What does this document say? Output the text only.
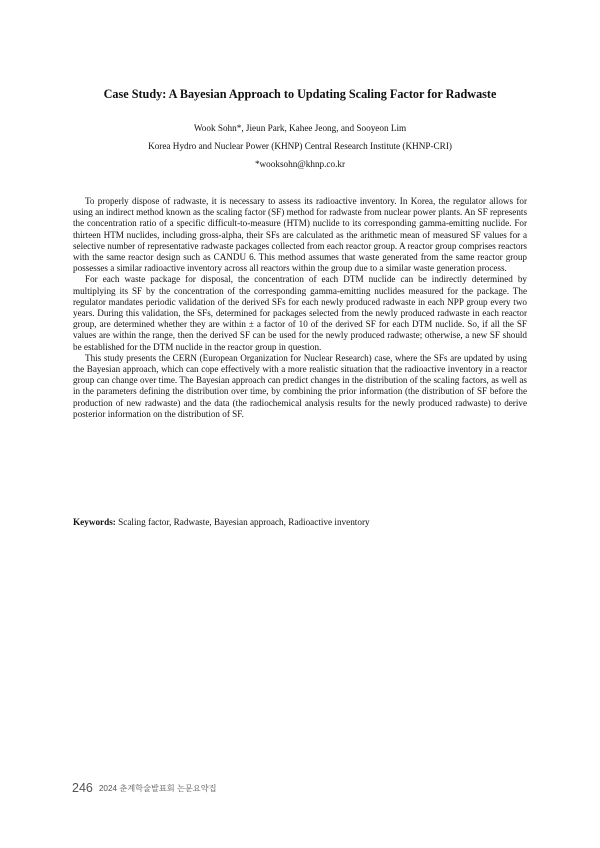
Case Study: A Bayesian Approach to Updating Scaling Factor for Radwaste
Wook Sohn*, Jieun Park, Kahee Jeong, and Sooyeon Lim
Korea Hydro and Nuclear Power (KHNP) Central Research Institute (KHNP-CRI)
*wooksohn@khnp.co.kr

To properly dispose of radwaste, it is necessary to assess its radioactive inventory. In Korea, the regulator allows for using an indirect method known as the scaling factor (SF) method for radwaste from nuclear power plants. An SF represents the concentration ratio of a specific difficult-to-measure (HTM) nuclide to its corresponding gamma-emitting nuclide. For thirteen HTM nuclides, including gross-alpha, their SFs are calculated as the arithmetic mean of measured SF values for a selective number of representative radwaste packages collected from each reactor group. A reactor group comprises reactors with the same reactor design such as CANDU 6. This method assumes that waste generated from the same reactor group possesses a similar radioactive inventory across all reactors within the group due to a similar waste generation process.

For each waste package for disposal, the concentration of each DTM nuclide can be indirectly determined by multiplying its SF by the concentration of the corresponding gamma-emitting nuclides measured for the package. The regulator mandates periodic validation of the derived SFs for each newly produced radwaste in each NPP group every two years. During this validation, the SFs, determined for packages selected from the newly produced radwaste in each reactor group, are determined whether they are within ± a factor of 10 of the derived SF for each DTM nuclide. So, if all the SF values are within the range, then the derived SF can be used for the newly produced radwaste; otherwise, a new SF should be established for the DTM nuclide in the reactor group in question.

This study presents the CERN (European Organization for Nuclear Research) case, where the SFs are updated by using the Bayesian approach, which can cope effectively with a more realistic situation that the radioactive inventory in a reactor group can change over time. The Bayesian approach can predict changes in the distribution of the scaling factors, as well as in the parameters defining the distribution over time, by combining the prior information (the distribution of SF before the production of new radwaste) and the data (the radiochemical analysis results for the newly produced radwaste) to derive posterior information on the distribution of SF.

Keywords: Scaling factor, Radwaste, Bayesian approach, Radioactive inventory
246 2024 춘계학술발표회 논문요약집
